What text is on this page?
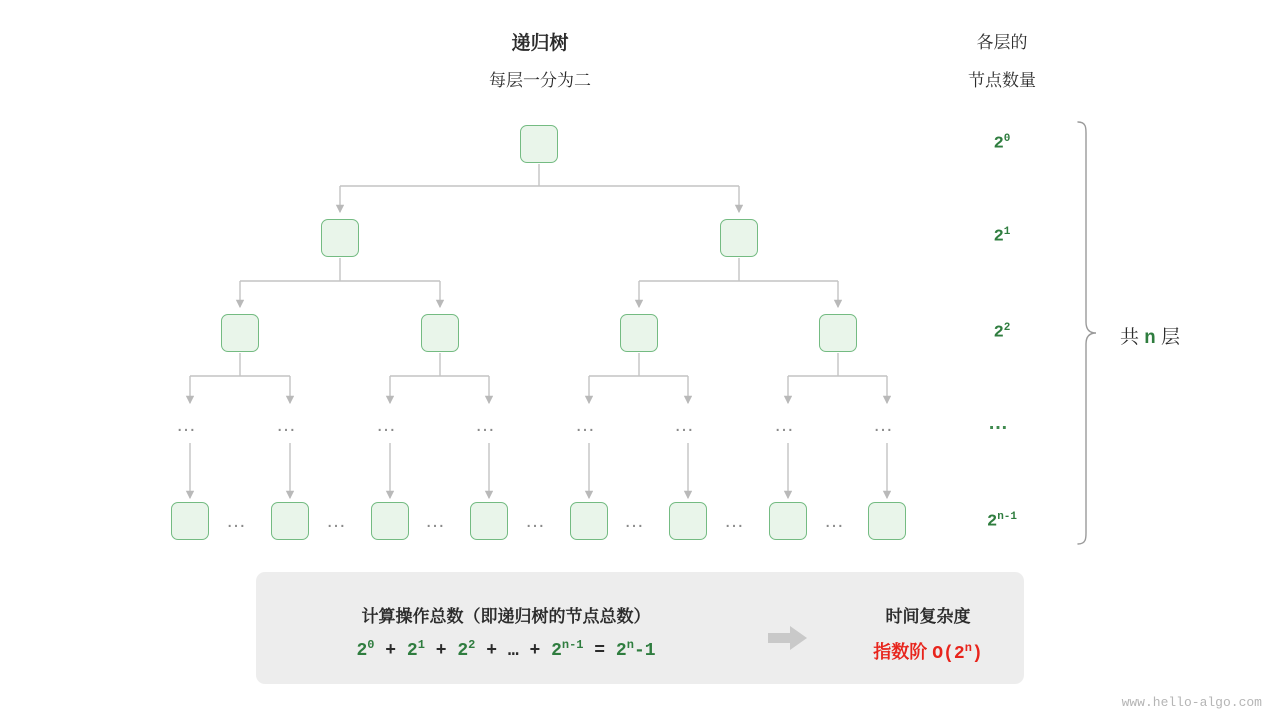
递归树
每层一分为二
各层的
节点数量
…	…	…	…	…	…	…	…
…	…	…	…	…	…	…
$2^0$
$2^1$
$2^2$
…
2$^{n-1}$
共 n 层
计算操作总数（即递归树的节点总数）
$2^0 + 2^1 + 2^2$ + … + $2^{n-1} = 2^n-1$
时间复杂度
指数阶 O(2$^n$)
www.hello-algo.com
